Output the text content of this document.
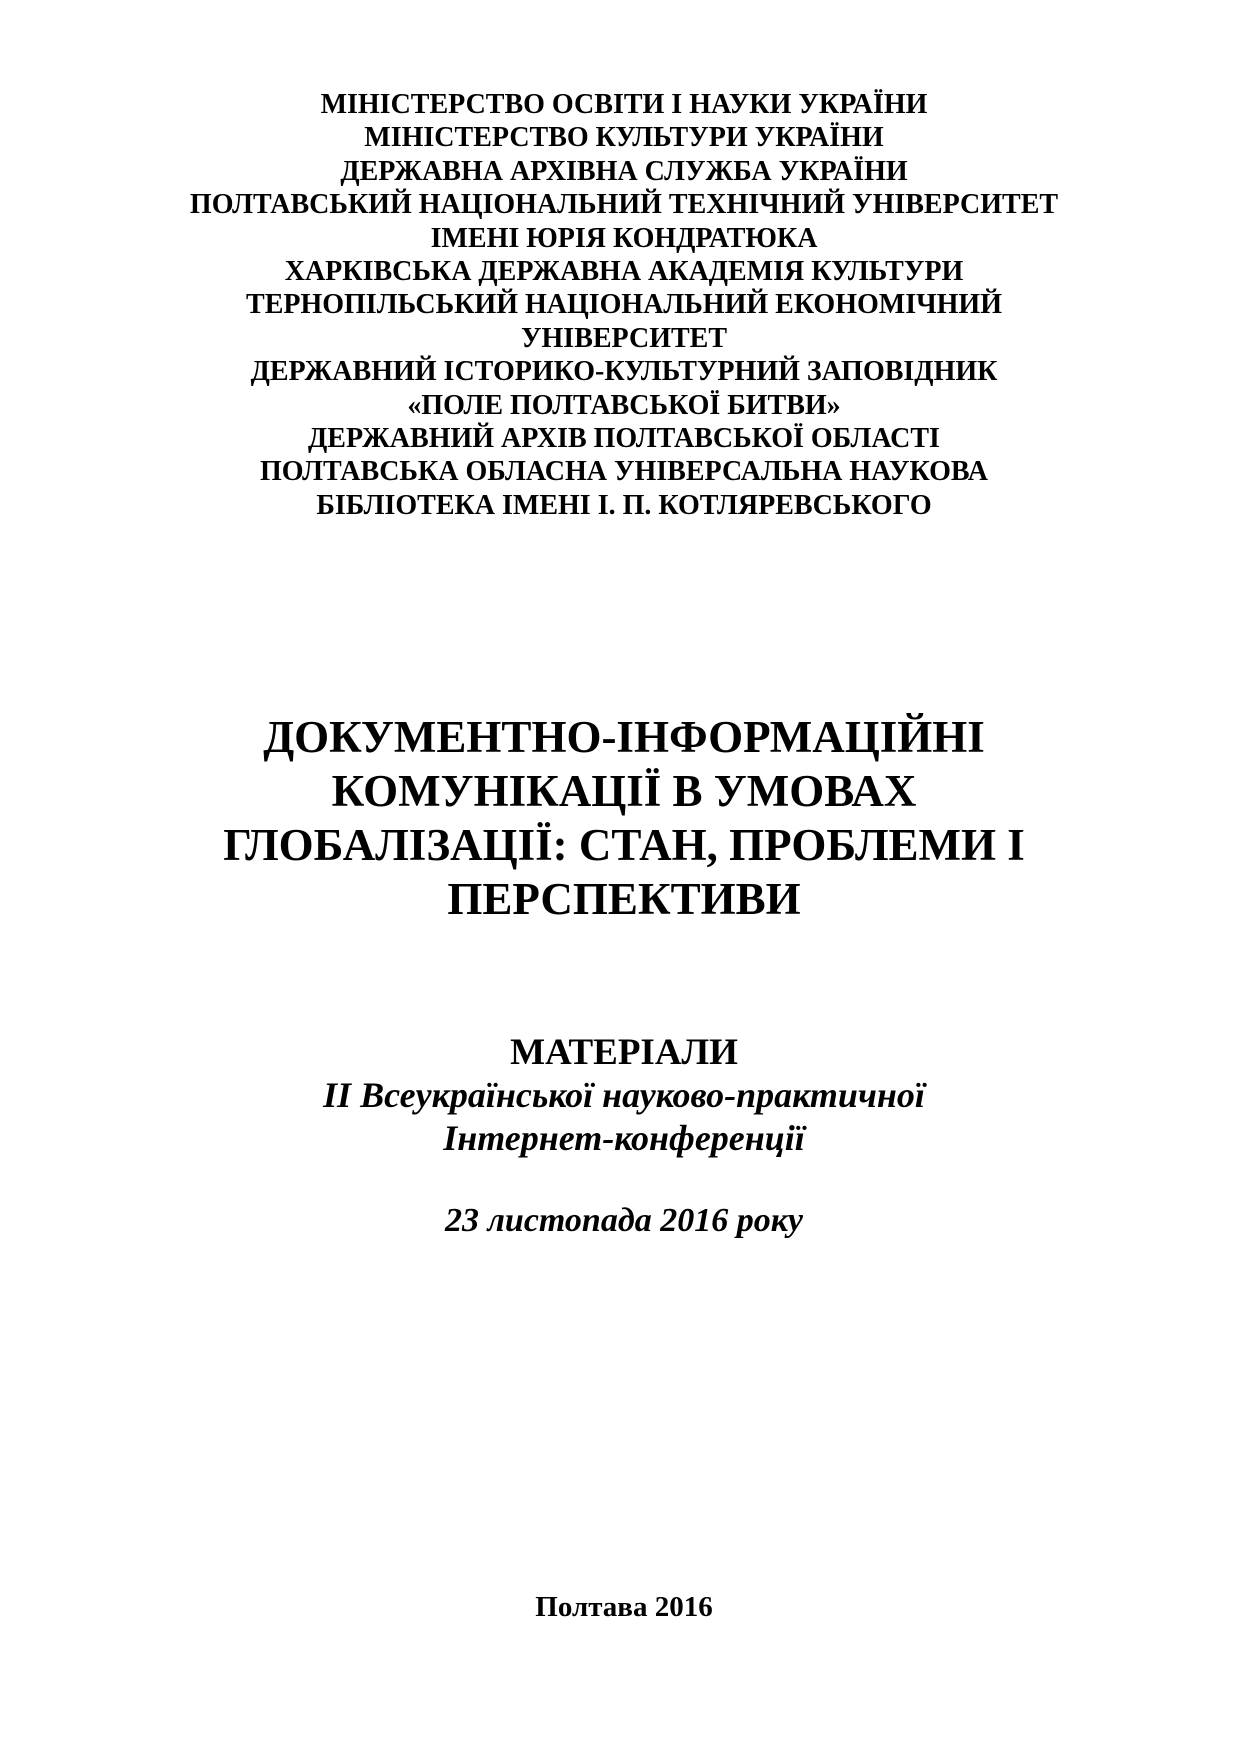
МІНІСТЕРСТВО ОСВІТИ І НАУКИ УКРАЇНИ
МІНІСТЕРСТВО КУЛЬТУРИ УКРАЇНИ
ДЕРЖАВНА АРХІВНА СЛУЖБА УКРАЇНИ
ПОЛТАВСЬКИЙ НАЦІОНАЛЬНИЙ ТЕХНІЧНИЙ УНІВЕРСИТЕТ
ІМЕНІ ЮРІЯ КОНДРАТЮКА
ХАРКІВСЬКА ДЕРЖАВНА АКАДЕМІЯ КУЛЬТУРИ
ТЕРНОПІЛЬСЬКИЙ НАЦІОНАЛЬНИЙ ЕКОНОМІЧНИЙ
УНІВЕРСИТЕТ
ДЕРЖАВНИЙ ІСТОРИКО-КУЛЬТУРНИЙ ЗАПОВІДНИК
«ПОЛЕ ПОЛТАВСЬКОЇ БИТВИ»
ДЕРЖАВНИЙ АРХІВ ПОЛТАВСЬКОЇ ОБЛАСТІ
ПОЛТАВСЬКА ОБЛАСНА УНІВЕРСАЛЬНА НАУКОВА
БІБЛІОТЕКА ІМЕНІ І. П. КОТЛЯРЕВСЬКОГО
ДОКУМЕНТНО-ІНФОРМАЦІЙНІ
КОМУНІКАЦІЇ В УМОВАХ
ГЛОБАЛІЗАЦІЇ: СТАН, ПРОБЛЕМИ І
ПЕРСПЕКТИВИ
МАТЕРІАЛИ
ІІ Всеукраїнської науково-практичної
Інтернет-конференції
23 листопада 2016 року
Полтава 2016
